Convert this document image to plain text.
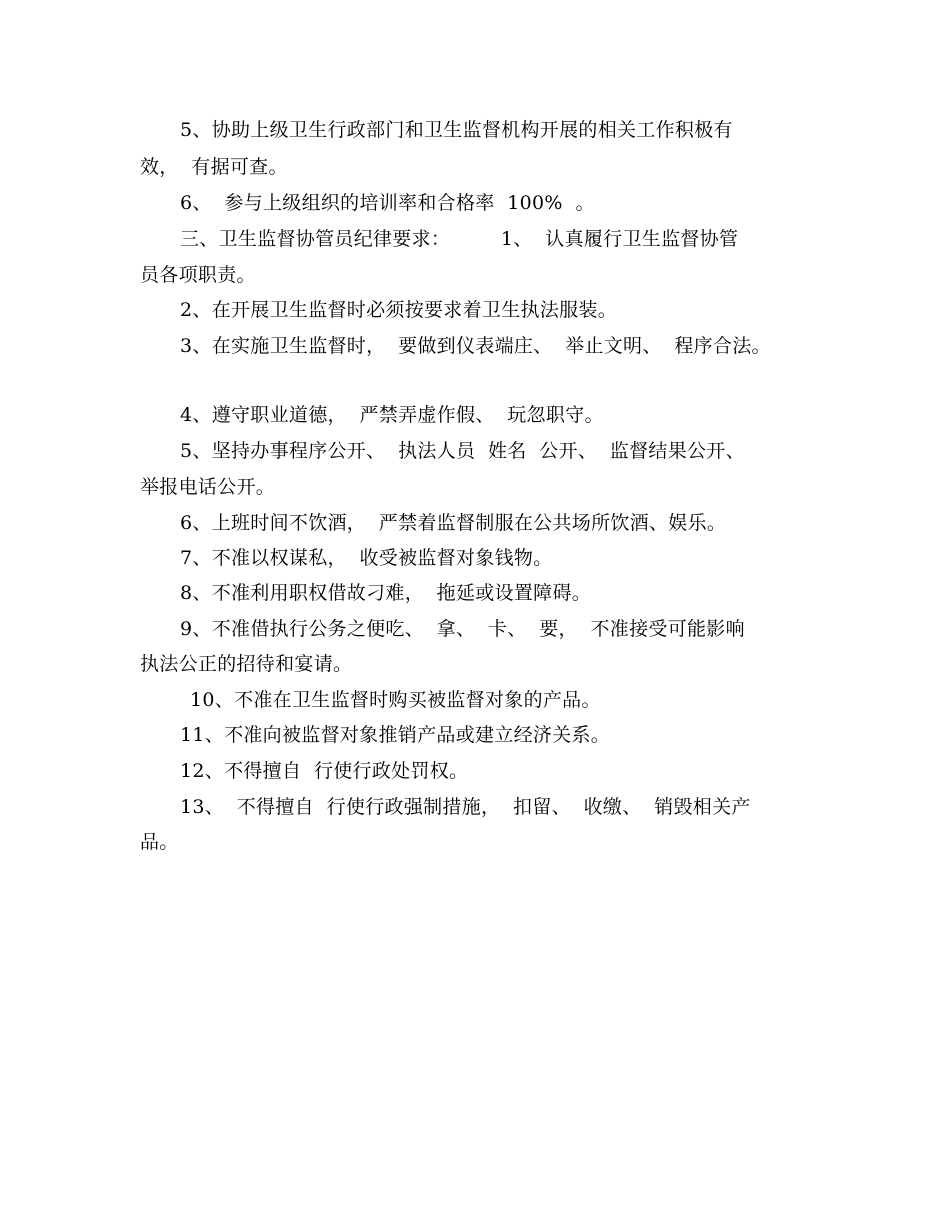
5、协助上级卫生行政部门和卫生监督机构开展的相关工作积极有
效，  有据可查。
6、  参与上级组织的培训率和合格率  100%  。
三、卫生监督协管员纪律要求：        1、  认真履行卫生监督协管
员各项职责。
2、在开展卫生监督时必须按要求着卫生执法服装。
3、在实施卫生监督时，  要做到仪表端庄、  举止文明、  程序合法。
4、遵守职业道德，  严禁弄虚作假、  玩忽职守。
5、坚持办事程序公开、  执法人员  姓名  公开、  监督结果公开、
举报电话公开。
6、上班时间不饮酒，  严禁着监督制服在公共场所饮酒、娱乐。
7、不准以权谋私，  收受被监督对象钱物。
8、不准利用职权借故刁难，  拖延或设置障碍。
9、不准借执行公务之便吃、  拿、  卡、  要，  不准接受可能影响
执法公正的招待和宴请。
10、不准在卫生监督时购买被监督对象的产品。
11、不准向被监督对象推销产品或建立经济关系。
12、不得擅自  行使行政处罚权。
13、  不得擅自  行使行政强制措施，  扣留、  收缴、  销毁相关产
品。
